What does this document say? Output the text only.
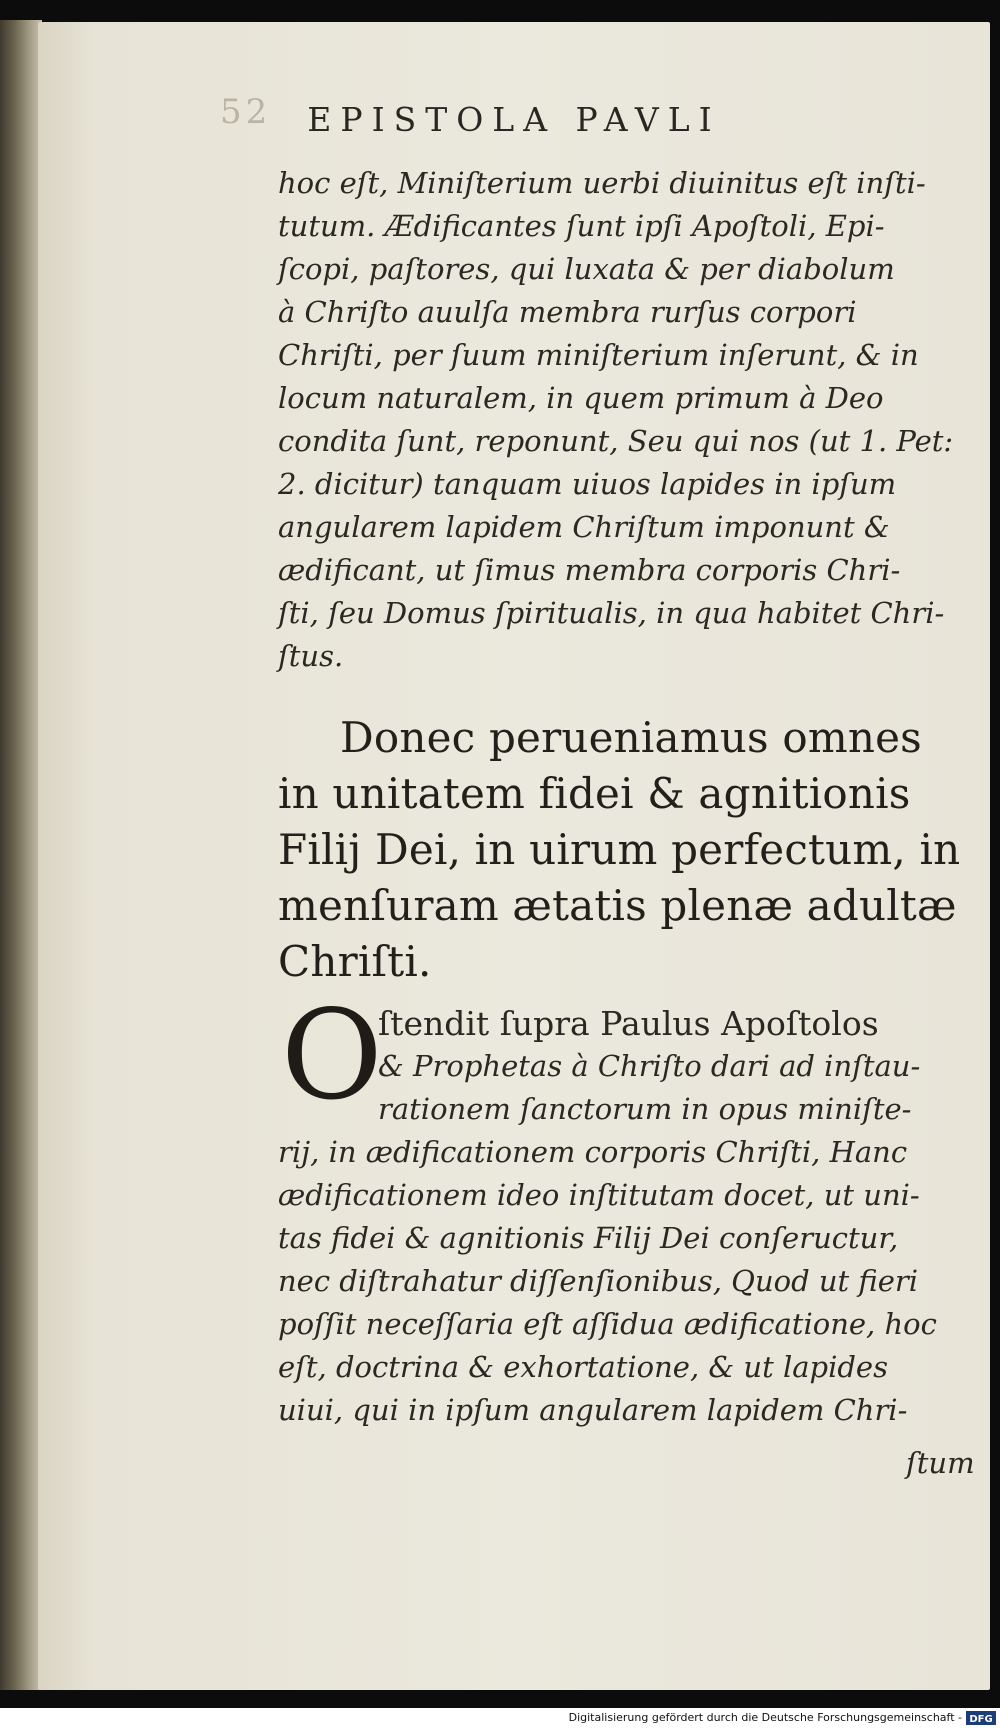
52	EPISTOLA PAVLI
hoc eſt, Miniſterium uerbi diuinitus eſt inſti-
tutum. Ædificantes ſunt ipſi Apoſtoli, Epi-
ſcopi, paſtores, qui luxata & per diabolum
à Chriſto auulſa membra rurſus corpori
Chriſti, per ſuum miniſterium inſerunt, & in
locum naturalem, in quem primum à Deo
condita ſunt, reponunt, Seu qui nos (ut 1. Pet:
2. dicitur) tanquam uiuos lapides in ipſum
angularem lapidem Chriſtum imponunt &
ædificant, ut ſimus membra corporis Chri-
ſti, ſeu Domus ſpiritualis, in qua habitet Chri-
ſtus.
Donec perueniamus omnes
in unitatem fidei & agnitionis
Filij Dei, in uirum perfectum, in
menſuram ætatis plenæ adultæ
Chriſti.
O
ſtendit ſupra Paulus Apoſtolos
& Prophetas à Chriſto dari ad inſtau-
rationem ſanctorum in opus miniſte-
rij, in ædificationem corporis Chriſti, Hanc
ædificationem ideo inſtitutam docet, ut uni-
tas fidei & agnitionis Filij Dei conſeructur,
nec diſtrahatur diſſenſionibus, Quod ut fieri
poſſit neceſſaria eſt aſſidua ædificatione, hoc
eſt, doctrina & exhortatione, & ut lapides
uiui, qui in ipſum angularem lapidem Chri-
ſtum
Digitalisierung gefördert durch die Deutsche Forschungsgemeinschaft - DFG
